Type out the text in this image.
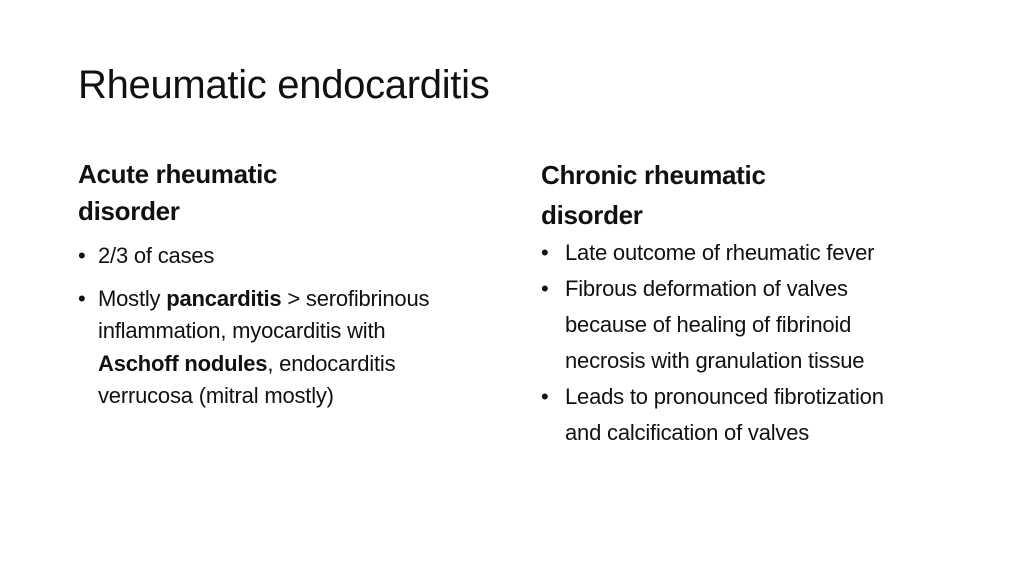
Rheumatic endocarditis
Acute rheumatic
disorder
• 2/3 of cases
• Mostly pancarditis > serofibrinous inflammation, myocarditis with Aschoff nodules, endocarditis verrucosa (mitral mostly)
Chronic rheumatic
disorder
• Late outcome of rheumatic fever
• Fibrous deformation of valves because of healing of fibrinoid necrosis with granulation tissue
• Leads to pronounced fibrotization and calcification of valves
